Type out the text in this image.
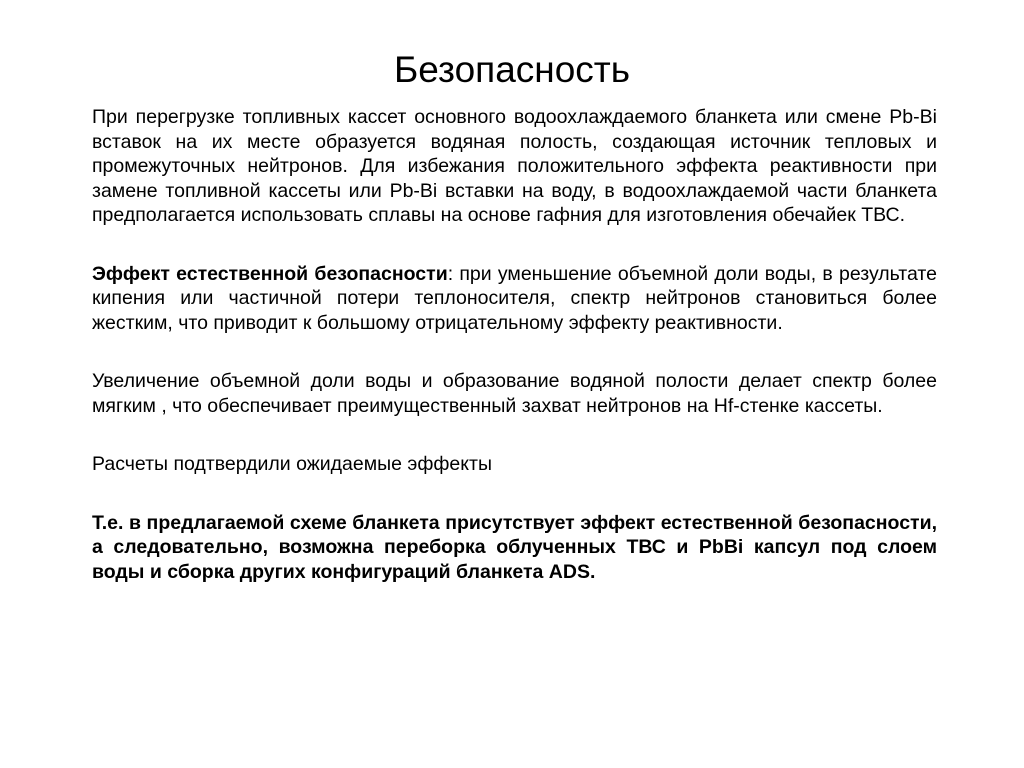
Безопасность

При перегрузке топливных кассет основного водоохлаждаемого бланкета или смене Pb-Bi вставок на их месте образуется водяная полость, создающая источник тепловых и промежуточных нейтронов. Для избежания положительного эффекта реактивности при замене топливной кассеты или Pb-Bi вставки на воду, в водоохлаждаемой части бланкета предполагается использовать сплавы на основе гафния для изготовления обечайек ТВС.

Эффект естественной безопасности: при уменьшение объемной доли воды, в результате кипения или частичной потери теплоносителя, спектр нейтронов становиться более жестким, что приводит к большому отрицательному эффекту реактивности.

Увеличение объемной доли воды и образование водяной полости делает спектр более мягким , что обеспечивает преимущественный захват нейтронов на Hf-стенке кассеты.

Расчеты подтвердили ожидаемые эффекты

Т.е. в предлагаемой схеме бланкета присутствует эффект естественной безопасности, а следовательно, возможна переборка облученных ТВС и PbBi капсул под слоем воды и сборка других конфигураций бланкета ADS.
